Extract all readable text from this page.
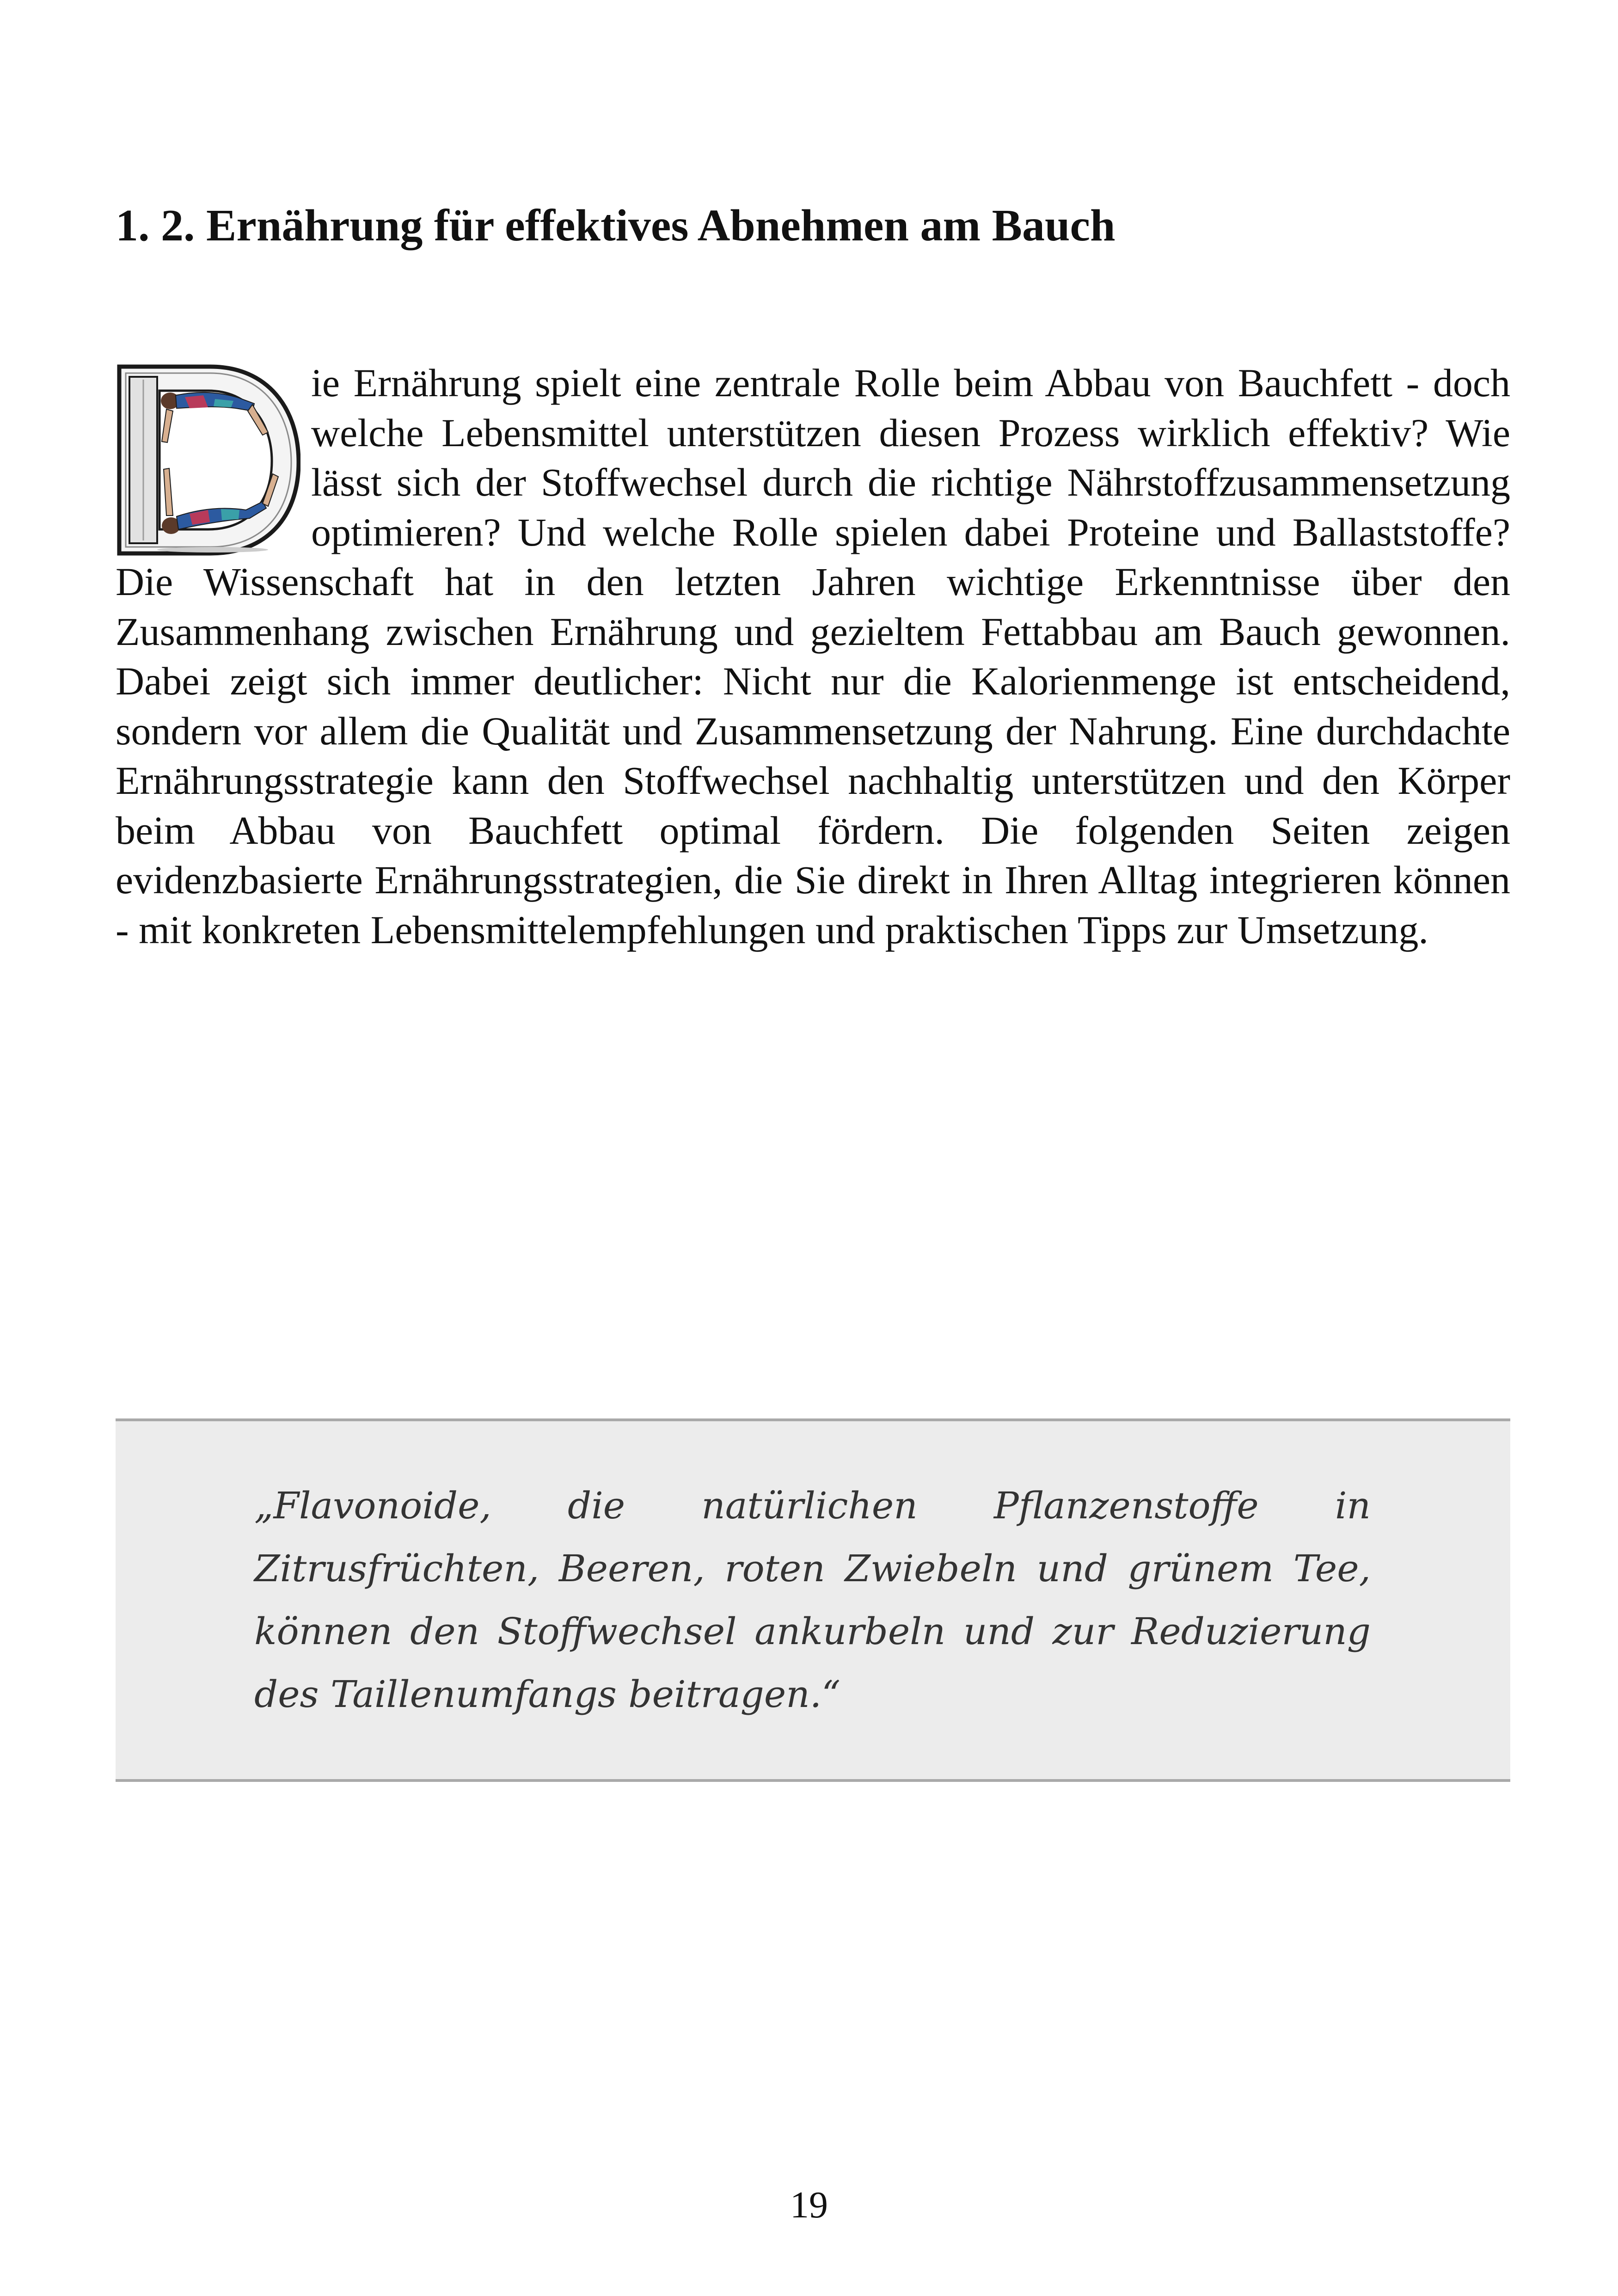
1. 2. Ernährung für effektives Abnehmen am Bauch

ie Ernährung spielt eine zentrale Rolle beim Abbau von Bauchfett - doch welche Lebensmittel unterstützen diesen Prozess wirklich effektiv? Wie lässt sich der Stoffwechsel durch die richtige Nährstoffzusammensetzung optimieren? Und welche Rolle spielen dabei Proteine und Ballaststoffe? Die Wissenschaft hat in den letzten Jahren wichtige Erkenntnisse über den Zusammenhang zwischen Ernährung und gezieltem Fettabbau am Bauch gewonnen. Dabei zeigt sich immer deutlicher: Nicht nur die Kalorienmenge ist entscheidend, sondern vor allem die Qualität und Zusammensetzung der Nahrung. Eine durchdachte Ernährungsstrategie kann den Stoffwechsel nachhaltig unterstützen und den Körper beim Abbau von Bauchfett optimal fördern. Die folgenden Seiten zeigen evidenzbasierte Ernährungsstrategien, die Sie direkt in Ihren Alltag integrieren können - mit konkreten Lebensmittelempfehlungen und praktischen Tipps zur Umsetzung.

„Flavonoide, die natürlichen Pflanzenstoffe in Zitrusfrüchten, Beeren, roten Zwiebeln und grünem Tee, können den Stoffwechsel ankurbeln und zur Reduzierung des Taillenumfangs beitragen.“

19
